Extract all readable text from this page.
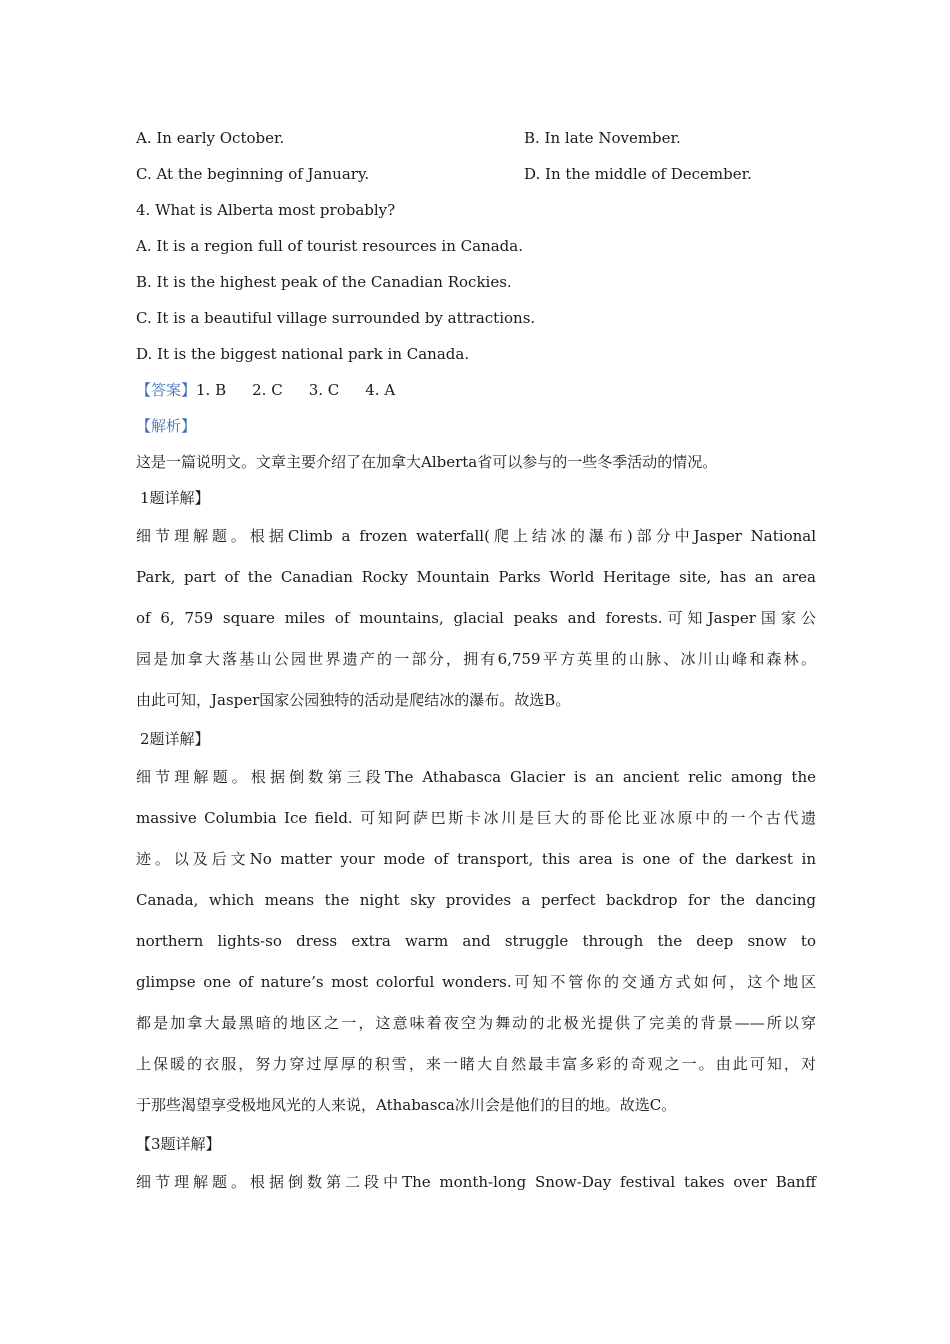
A. In early October.	B. In late November.
C. At the beginning of January.	D. In the middle of December.
4. What is Alberta most probably?
A. It is a region full of tourist resources in Canada.
B. It is the highest peak of the Canadian Rockies.
C. It is a beautiful village surrounded by attractions.
D. It is the biggest national park in Canada.
【答案】1. B 2. C 3. C 4. A
【解析】
这是一篇说明文。文章主要介绍了在加拿大Alberta省可以参与的一些冬季活动的情况。
1题详解】
细节理解题。根据Climb a frozen waterfall(爬上结冰的瀑布)部分中Jasper National
Park, part of the Canadian Rocky Mountain Parks World Heritage site, has an area
of 6, 759 square miles of mountains, glacial peaks and forests.可知Jasper国家公
园是加拿大落基山公园世界遗产的一部分，拥有6,759平方英里的山脉、冰川山峰和森林。
由此可知，Jasper国家公园独特的活动是爬结冰的瀑布。故选B。
2题详解】
细节理解题。根据倒数第三段The Athabasca Glacier is an ancient relic among the
massive Columbia Ice field. 可知阿萨巴斯卡冰川是巨大的哥伦比亚冰原中的一个古代遗
迹。以及后文No matter your mode of transport, this area is one of the darkest in
Canada, which means the night sky provides a perfect backdrop for the dancing
northern lights-so dress extra warm and struggle through the deep snow to
glimpse one of nature’s most colorful wonders.可知不管你的交通方式如何，这个地区
都是加拿大最黑暗的地区之一，这意味着夜空为舞动的北极光提供了完美的背景——所以穿
上保暖的衣服，努力穿过厚厚的积雪，来一睹大自然最丰富多彩的奇观之一。由此可知，对
于那些渴望享受极地风光的人来说，Athabasca冰川会是他们的目的地。故选C。
【3题详解】
细节理解题。根据倒数第二段中The month-long Snow-Day festival takes over Banff
